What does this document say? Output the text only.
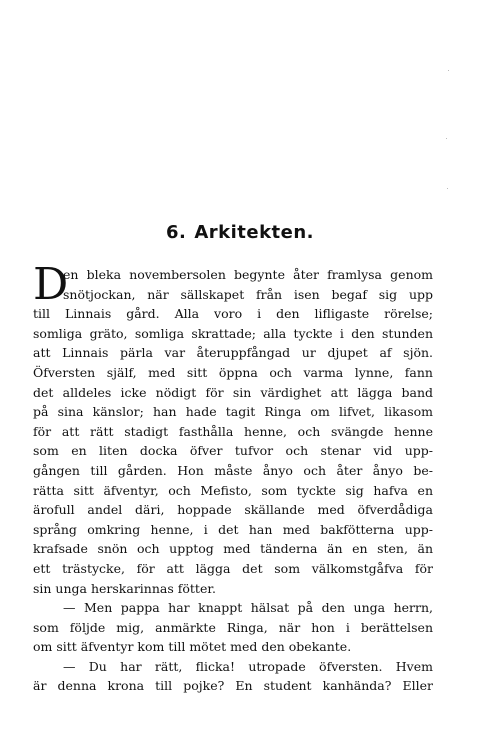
6. Arkitekten.
D
en bleka novembersolen begynte åter framlysa genom
snötjockan, när sällskapet från isen begaf sig upp
till Linnais gård. Alla voro i den lifligaste rörelse;
somliga gräto, somliga skrattade; alla tyckte i den stunden
att Linnais pärla var återuppfångad ur djupet af sjön.
Öfversten själf, med sitt öppna och varma lynne, fann
det alldeles icke nödigt för sin värdighet att lägga band
på sina känslor; han hade tagit Ringa om lifvet, likasom
för att rätt stadigt fasthålla henne, och svängde henne
som en liten docka öfver tufvor och stenar vid upp-
gången till gården. Hon måste ånyo och åter ånyo be-
rätta sitt äfventyr, och Mefisto, som tyckte sig hafva en
ärofull andel däri, hoppade skällande med öfverdådiga
språng omkring henne, i det han med bakfötterna upp-
krafsade snön och upptog med tänderna än en sten, än
ett trästycke, för att lägga det som välkomstgåfva för
sin unga herskarinnas fötter.
— Men pappa har knappt hälsat på den unga herrn,
som följde mig, anmärkte Ringa, när hon i berättelsen
om sitt äfventyr kom till mötet med den obekante.
— Du har rätt, flicka! utropade öfversten. Hvem
är denna krona till pojke? En student kanhända? Eller
